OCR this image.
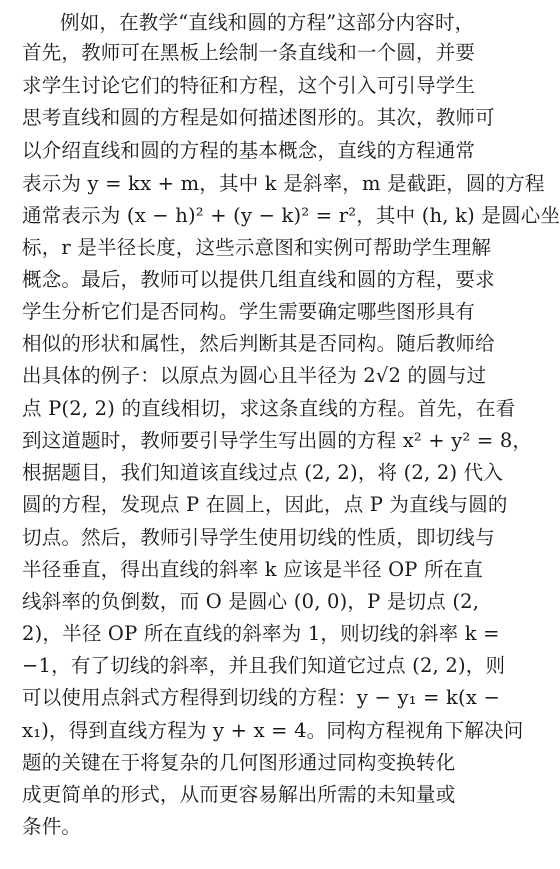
例如，在教学“直线和圆的方程”这部分内容时，
首先，教师可在黑板上绘制一条直线和一个圆，并要
求学生讨论它们的特征和方程，这个引入可引导学生
思考直线和圆的方程是如何描述图形的。其次，教师可
以介绍直线和圆的方程的基本概念，直线的方程通常
表示为 y = kx + m，其中 k 是斜率，m 是截距，圆的方程
通常表示为 (x − h)² + (y − k)² = r²，其中 (h, k) 是圆心坐
标，r 是半径长度，这些示意图和实例可帮助学生理解
概念。最后，教师可以提供几组直线和圆的方程，要求
学生分析它们是否同构。学生需要确定哪些图形具有
相似的形状和属性，然后判断其是否同构。随后教师给
出具体的例子：以原点为圆心且半径为 2√2 的圆与过
点 P(2, 2) 的直线相切，求这条直线的方程。首先，在看
到这道题时，教师要引导学生写出圆的方程 x² + y² = 8，
根据题目，我们知道该直线过点 (2, 2)，将 (2, 2) 代入
圆的方程，发现点 P 在圆上，因此，点 P 为直线与圆的
切点。然后，教师引导学生使用切线的性质，即切线与
半径垂直，得出直线的斜率 k 应该是半径 OP 所在直
线斜率的负倒数，而 O 是圆心 (0, 0)，P 是切点 (2,
2)，半径 OP 所在直线的斜率为 1，则切线的斜率 k =
−1，有了切线的斜率，并且我们知道它过点 (2, 2)，则
可以使用点斜式方程得到切线的方程：y − y₁ = k(x −
x₁)，得到直线方程为 y + x = 4。同构方程视角下解决问
题的关键在于将复杂的几何图形通过同构变换转化
成更简单的形式，从而更容易解出所需的未知量或
条件。
